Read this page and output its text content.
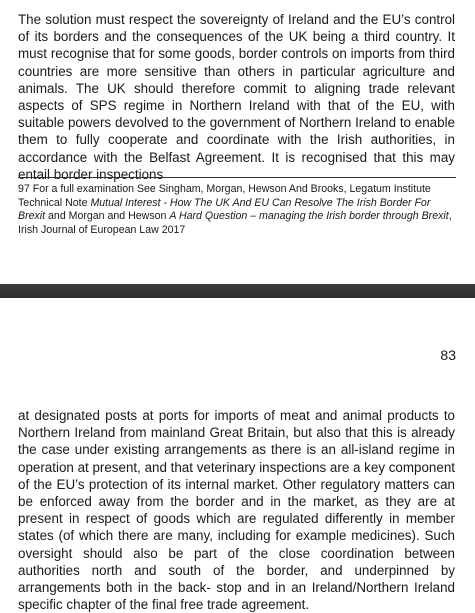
The solution must respect the sovereignty of Ireland and the EU’s control of its borders and the consequences of the UK being a third country. It must recognise that for some goods, border controls on imports from third countries are more sensitive than others in particular agriculture and animals. The UK should therefore commit to aligning trade relevant aspects of SPS regime in Northern Ireland with that of the EU, with suitable powers devolved to the government of Northern Ireland to enable them to fully cooperate and coordinate with the Irish authorities, in accordance with the Belfast Agreement. It is recognised that this may entail border inspections

97 For a full examination See Singham, Morgan, Hewson And Brooks, Legatum Institute Technical Note Mutual Interest - How The UK And EU Can Resolve The Irish Border For Brexit and Morgan and Hewson A Hard Question – managing the Irish border through Brexit, Irish Journal of European Law 2017

83

at designated posts at ports for imports of meat and animal products to Northern Ireland from mainland Great Britain, but also that this is already the case under existing arrangements as there is an all-island regime in operation at present, and that veterinary inspections are a key component of the EU’s protection of its internal market. Other regulatory matters can be enforced away from the border and in the market, as they are at present in respect of goods which are regulated differently in member states (of which there are many, including for example medicines). Such oversight should also be part of the close coordination between authorities north and south of the border, and underpinned by arrangements both in the back- stop and in an Ireland/Northern Ireland specific chapter of the final free trade agreement.
